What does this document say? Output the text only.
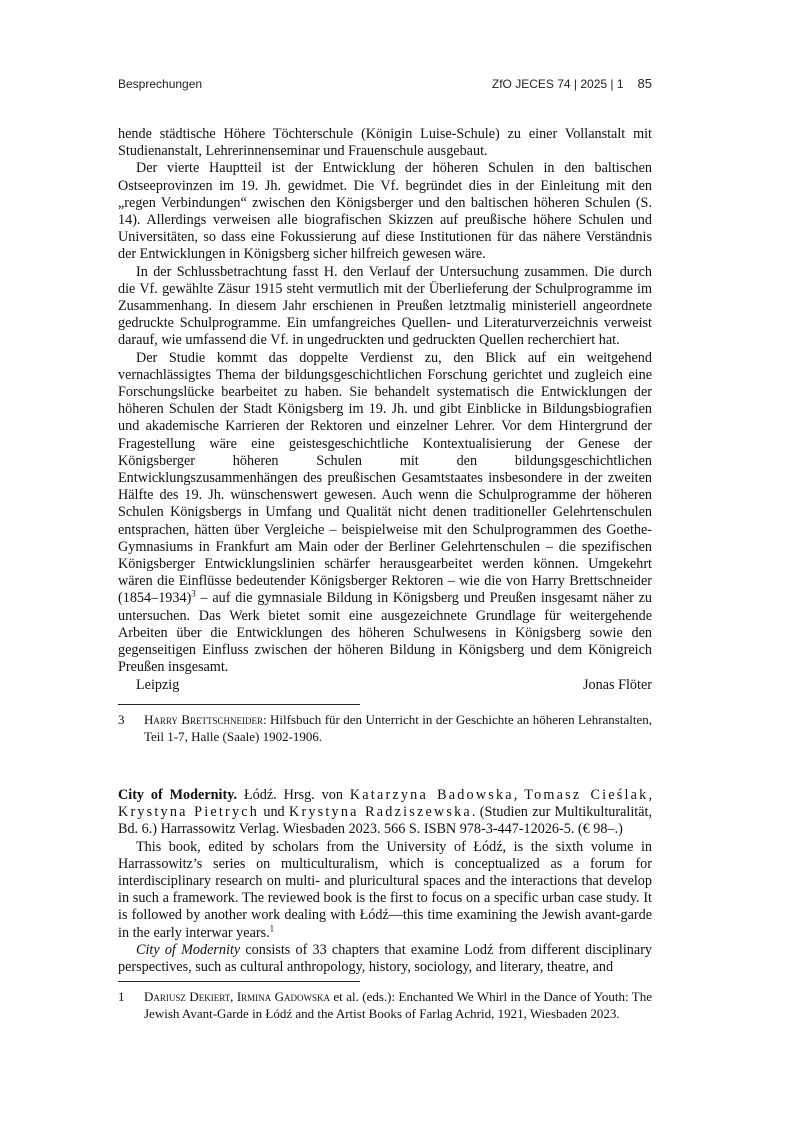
Besprechungen	ZfO JECES 74 | 2025 | 1 85

hende städtische Höhere Töchterschule (Königin Luise-Schule) zu einer Vollanstalt mit Studienanstalt, Lehrerinnenseminar und Frauenschule ausgebaut.

Der vierte Hauptteil ist der Entwicklung der höheren Schulen in den baltischen Ostseeprovinzen im 19. Jh. gewidmet. Die Vf. begründet dies in der Einleitung mit den „regen Verbindungen“ zwischen den Königsberger und den baltischen höheren Schulen (S. 14). Allerdings verweisen alle biografischen Skizzen auf preußische höhere Schulen und Universitäten, so dass eine Fokussierung auf diese Institutionen für das nähere Verständnis der Entwicklungen in Königsberg sicher hilfreich gewesen wäre.

In der Schlussbetrachtung fasst H. den Verlauf der Untersuchung zusammen. Die durch die Vf. gewählte Zäsur 1915 steht vermutlich mit der Überlieferung der Schulprogramme im Zusammenhang. In diesem Jahr erschienen in Preußen letztmalig ministeriell angeordnete gedruckte Schulprogramme. Ein umfangreiches Quellen- und Literaturverzeichnis verweist darauf, wie umfassend die Vf. in ungedruckten und gedruckten Quellen recherchiert hat.

Der Studie kommt das doppelte Verdienst zu, den Blick auf ein weitgehend vernachlässigtes Thema der bildungsgeschichtlichen Forschung gerichtet und zugleich eine Forschungslücke bearbeitet zu haben. Sie behandelt systematisch die Entwicklungen der höheren Schulen der Stadt Königsberg im 19. Jh. und gibt Einblicke in Bildungsbiografien und akademische Karrieren der Rektoren und einzelner Lehrer. Vor dem Hintergrund der Fragestellung wäre eine geistesgeschichtliche Kontextualisierung der Genese der Königsberger höheren Schulen mit den bildungsgeschichtlichen Entwicklungszusammenhängen des preußischen Gesamtstaates insbesondere in der zweiten Hälfte des 19. Jh. wünschenswert gewesen. Auch wenn die Schulprogramme der höheren Schulen Königsbergs in Umfang und Qualität nicht denen traditioneller Gelehrtenschulen entsprachen, hätten über Vergleiche – beispielweise mit den Schulprogrammen des Goethe-Gymnasiums in Frankfurt am Main oder der Berliner Gelehrtenschulen – die spezifischen Königsberger Entwicklungslinien schärfer herausgearbeitet werden können. Umgekehrt wären die Einflüsse bedeutender Königsberger Rektoren – wie die von Harry Brettschneider (1854–1934)$^3$ – auf die gymnasiale Bildung in Königsberg und Preußen insgesamt näher zu untersuchen. Das Werk bietet somit eine ausgezeichnete Grundlage für weitergehende Arbeiten über die Entwicklungen des höheren Schulwesens in Königsberg sowie den gegenseitigen Einfluss zwischen der höheren Bildung in Königsberg und dem Königreich Preußen insgesamt.

Leipzig	Jonas Flöter

3	Harry Brettschneider: Hilfsbuch für den Unterricht in der Geschichte an höheren Lehranstalten, Teil 1-7, Halle (Saale) 1902-1906.

City of Modernity. Łódź. Hrsg. von Katarzyna Badowska, Tomasz Cieślak, Krystyna Pietrych und Krystyna Radziszewska. (Studien zur Multikulturalität, Bd. 6.) Harrassowitz Verlag. Wiesbaden 2023. 566 S. ISBN 978-3-447-12026-5. (€ 98–.)

This book, edited by scholars from the University of Łódź, is the sixth volume in Harrassowitz’s series on multiculturalism, which is conceptualized as a forum for interdisciplinary research on multi- and pluricultural spaces and the interactions that develop in such a framework. The reviewed book is the first to focus on a specific urban case study. It is followed by another work dealing with Łódź—this time examining the Jewish avant-garde in the early interwar years.$^1$

City of Modernity consists of 33 chapters that examine Lodź from different disciplinary perspectives, such as cultural anthropology, history, sociology, and literary, theatre, and

1	Dariusz Dekiert, Irmina Gadowska et al. (eds.): Enchanted We Whirl in the Dance of Youth: The Jewish Avant-Garde in Łódź and the Artist Books of Farlag Achrid, 1921, Wiesbaden 2023.
